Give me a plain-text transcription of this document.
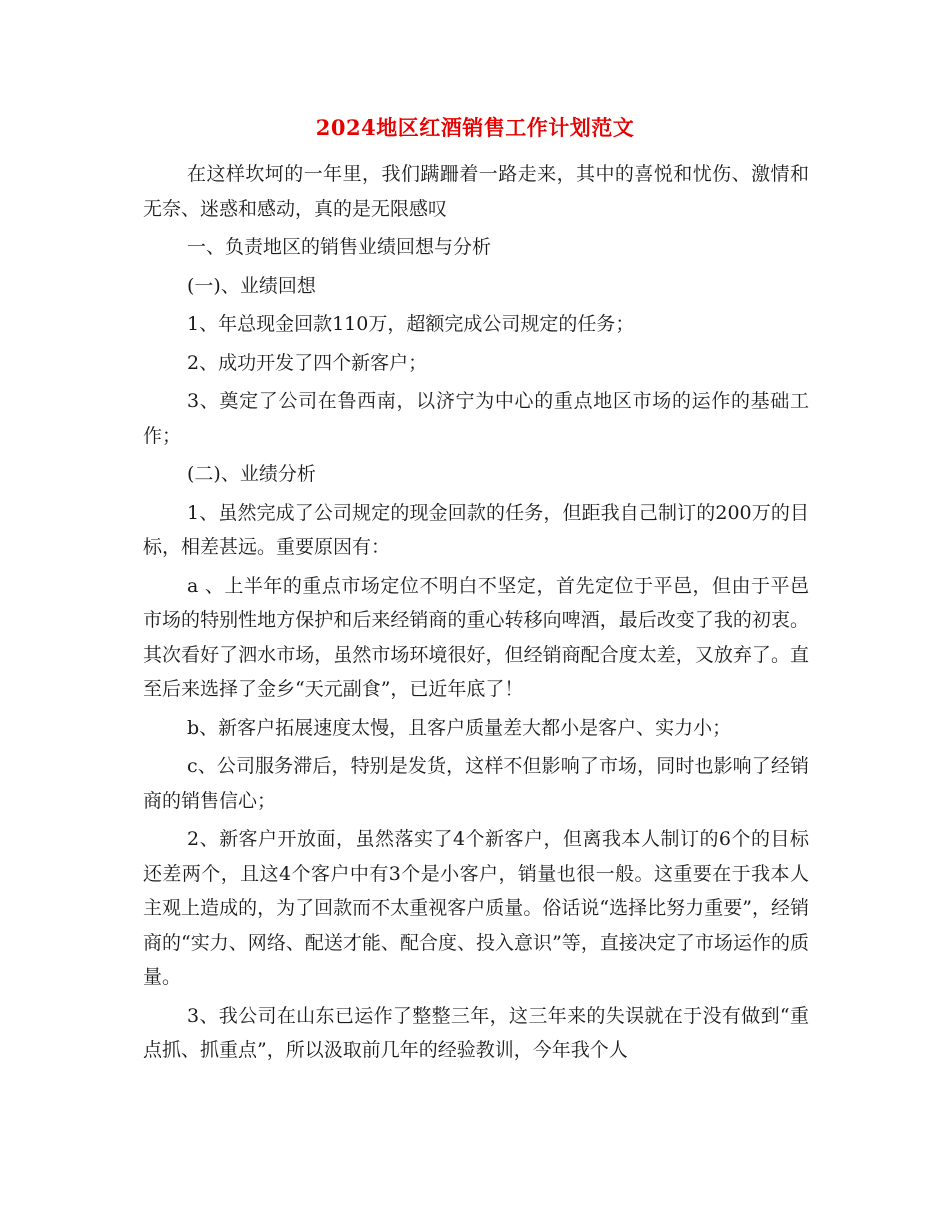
2024地区红酒销售工作计划范文

在这样坎坷的一年里，我们蹒跚着一路走来，其中的喜悦和忧伤、激情和无奈、迷惑和感动，真的是无限感叹

一、负责地区的销售业绩回想与分析

(一)、业绩回想

1、年总现金回款110万，超额完成公司规定的任务；

2、成功开发了四个新客户；

3、奠定了公司在鲁西南，以济宁为中心的重点地区市场的运作的基础工作；

(二)、业绩分析

1、虽然完成了公司规定的现金回款的任务，但距我自己制订的200万的目标，相差甚远。重要原因有：

a 、上半年的重点市场定位不明白不坚定，首先定位于平邑，但由于平邑市场的特别性地方保护和后来经销商的重心转移向啤酒，最后改变了我的初衷。其次看好了泗水市场，虽然市场环境很好，但经销商配合度太差，又放弃了。直至后来选择了金乡“天元副食”，已近年底了！

b、新客户拓展速度太慢，且客户质量差大都小是客户、实力小；

c、公司服务滞后，特别是发货，这样不但影响了市场，同时也影响了经销商的销售信心；

2、新客户开放面，虽然落实了4个新客户，但离我本人制订的6个的目标还差两个，且这4个客户中有3个是小客户，销量也很一般。这重要在于我本人主观上造成的，为了回款而不太重视客户质量。俗话说“选择比努力重要”，经销商的“实力、网络、配送才能、配合度、投入意识”等，直接决定了市场运作的质量。

3、我公司在山东已运作了整整三年，这三年来的失误就在于没有做到“重点抓、抓重点”，所以汲取前几年的经验教训，今年我个人
